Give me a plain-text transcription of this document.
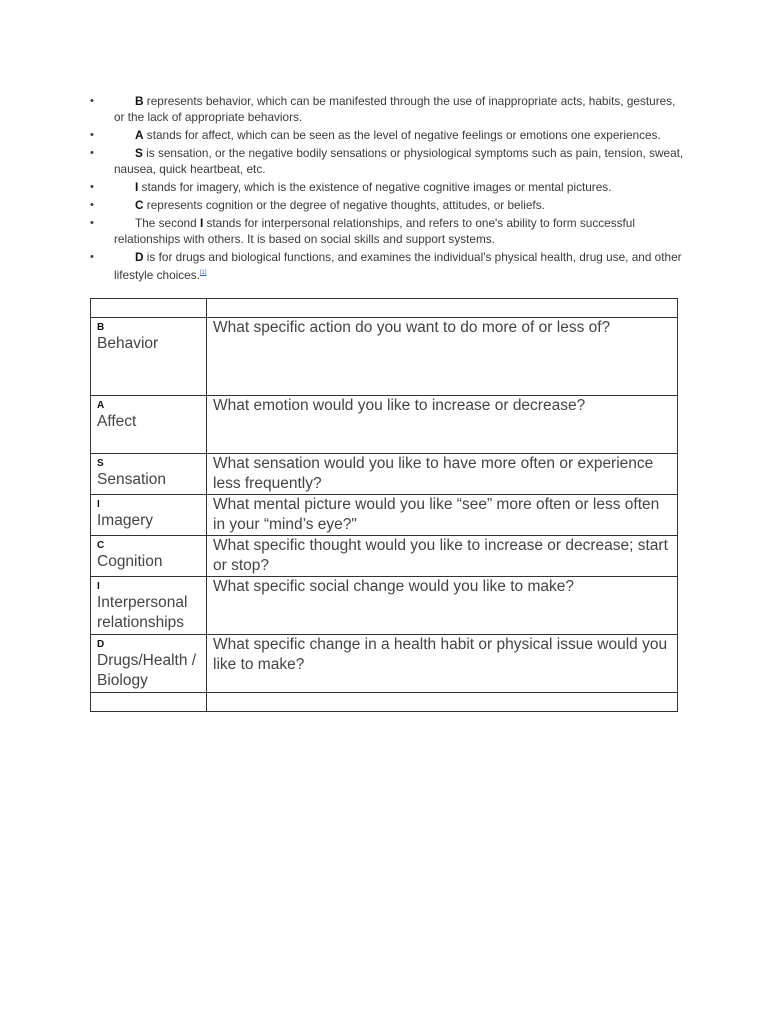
•	B represents behavior, which can be manifested through the use of inappropriate acts, habits, gestures, or the lack of appropriate behaviors.
•	A stands for affect, which can be seen as the level of negative feelings or emotions one experiences.
•	S is sensation, or the negative bodily sensations or physiological symptoms such as pain, tension, sweat, nausea, quick heartbeat, etc.
•	I stands for imagery, which is the existence of negative cognitive images or mental pictures.
•	C represents cognition or the degree of negative thoughts, attitudes, or beliefs.
•	The second I stands for interpersonal relationships, and refers to one's ability to form successful relationships with others. It is based on social skills and support systems.
•	D is for drugs and biological functions, and examines the individual's physical health, drug use, and other lifestyle choices.[1]

B
Behavior	What specific action do you want to do more of or less of?

A
Affect	What emotion would you like to increase or decrease?

S
Sensation	What sensation would you like to have more often or experience less frequently?

I
Imagery	What mental picture would you like “see” more often or less often in your “mind’s eye?"

C
Cognition	What specific thought would you like to increase or decrease; start or stop?

I
Interpersonal relationships	What specific social change would you like to make?

D
Drugs/Health / Biology	What specific change in a health habit or physical issue would you like to make?
